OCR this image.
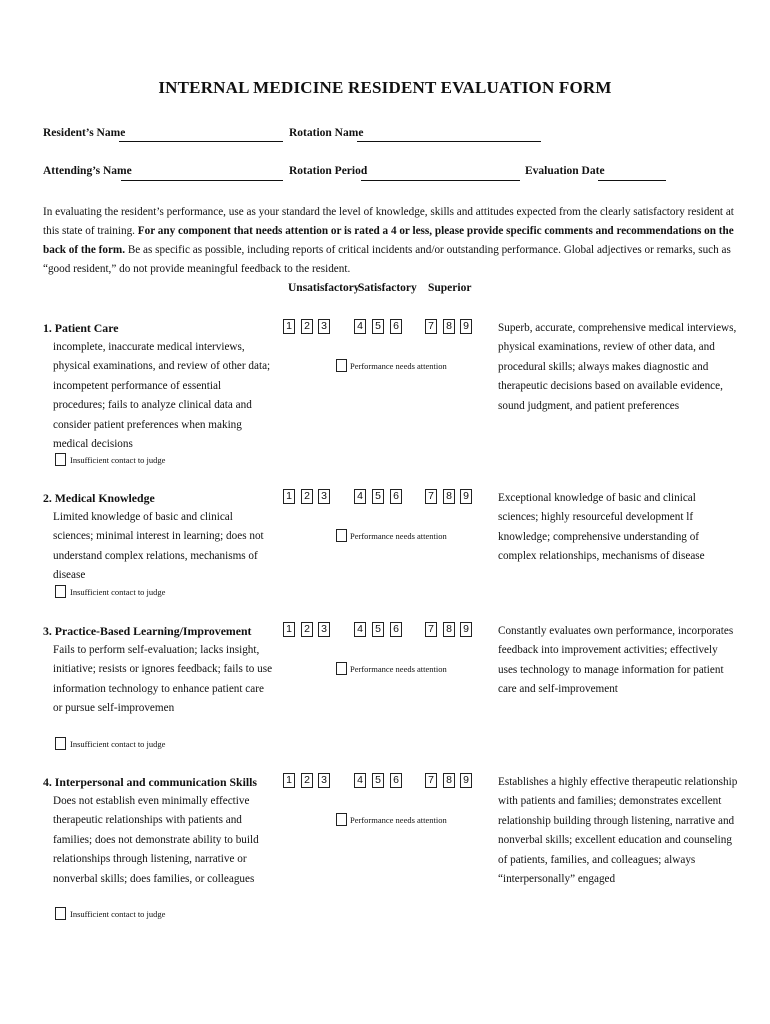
INTERNAL MEDICINE RESIDENT EVALUATION FORM
Resident’s Name	Rotation Name
Attending’s Name	Rotation Period	Evaluation Date
In evaluating the resident’s performance, use as your standard the level of knowledge, skills and attitudes expected from the clearly satisfactory resident at this state of training. For any component that needs attention or is rated a 4 or less, please provide specific comments and recommendations on the back of the form. Be as specific as possible, including reports of critical incidents and/or outstanding performance. Global adjectives or remarks, such as “good resident,” do not provide meaningful feedback to the resident.
Unsatisfactory
Satisfactory Superior
1. Patient Care
incomplete, inaccurate medical interviews, physical examinations, and review of other data; incompetent performance of essential procedures; fails to analyze clinical data and consider patient preferences when making medical decisions
Superb, accurate, comprehensive medical interviews, physical examinations, review of other data, and procedural skills; always makes diagnostic and therapeutic decisions based on available evidence, sound judgment, and patient preferences
1 2 3	4 5 6	7 8 9
Performance needs attention
Insufficient contact to judge
2. Medical Knowledge
Limited knowledge of basic and clinical sciences; minimal interest in learning; does not understand complex relations, mechanisms of disease
Exceptional knowledge of basic and clinical sciences; highly resourceful development lf knowledge; comprehensive understanding of complex relationships, mechanisms of disease
1 2 3	4 5 6	7 8 9
Performance needs attention
Insufficient contact to judge
3. Practice-Based Learning/Improvement
Fails to perform self-evaluation; lacks insight, initiative; resists or ignores feedback; fails to use information technology to enhance patient care or pursue self-improvemen
Constantly evaluates own performance, incorporates feedback into improvement activities; effectively uses technology to manage information for patient care and self-improvement
1 2 3	4 5 6	7 8 9
Performance needs attention
Insufficient contact to judge
4. Interpersonal and communication Skills
Does not establish even minimally effective therapeutic relationships with patients and families; does not demonstrate ability to build relationships through listening, narrative or nonverbal skills; does families, or colleagues
Establishes a highly effective therapeutic relationship with patients and families; demonstrates excellent relationship building through listening, narrative and nonverbal skills; excellent education and counseling of patients, families, and colleagues; always “interpersonally” engaged
1 2 3	4 5 6	7 8 9
Performance needs attention
Insufficient contact to judge
